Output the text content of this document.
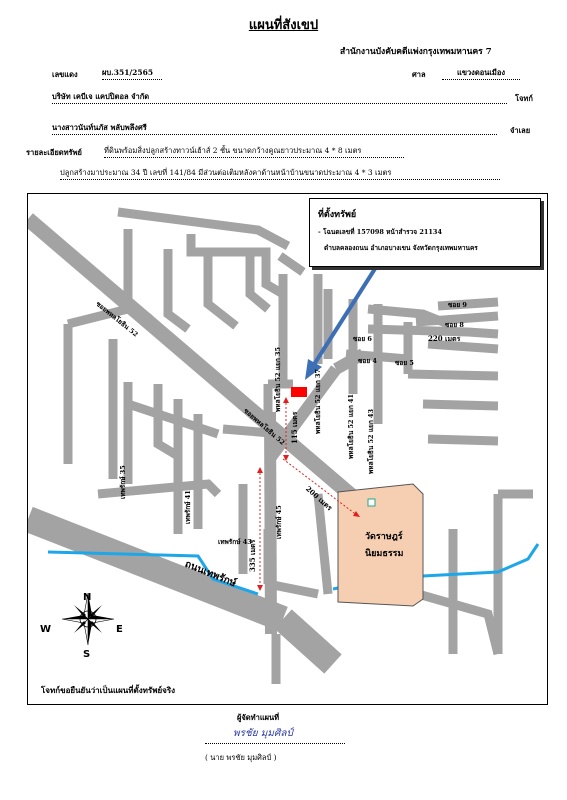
แผนที่สังเขป
สำนักงานบังคับคดีแพ่งกรุงเทพมหานคร 7
เลขแดง	ผบ.351/2565	ศาล	แขวงดอนเมือง
บริษัท เคบีเจ แคปปิตอล จำกัด	โจทก์
นางสาวนันท์นภัส พลับพลึงศรี	จำเลย
รายละเอียดทรัพย์	ที่ดินพร้อมสิ่งปลูกสร้างทาวน์เฮ้าส์ 2 ชั้น ขนาดกว้างคูณยาวประมาณ 4 * 8 เมตร
ปลูกสร้างมาประมาณ 34 ปี เลขที่ 141/84 มีส่วนต่อเติมหลังคาด้านหน้าบ้านขนาดประมาณ 4 * 3 เมตร
ที่ตั้งทรัพย์
- โฉนดเลขที่ 157098 หน้าสำรวจ 21134
ตำบลคลองถนน อำเภอบางเขน จังหวัดกรุงเทพมหานคร
ซอยพหลโยธิน 52
ซอยพหลโยธิน 52
พหลโยธิน 52 แยก 35	พหลโยธิน 52 แยก 37	พหลโยธิน 52 แยก 41 พหลโยธิน 52 แยก 43
ซอย 9
ซอย 8
ซอย 6
ซอย 4	ซอย 5
220 เมตร
115 เมตร
200 เมตร
335 เมตร
เทพรักษ์ 35
เทพรักษ์ 41
เทพรักษ์ 43
เทพรักษ์ 45
ถนนเทพรักษ์
วัดราษฎร์
นิยมธรรม
N
S
W	E
โจทก์ขอยืนยันว่าเป็นแผนที่ตั้งทรัพย์จริง
ผู้จัดทำแผนที่
พรชัย มุมศิลป์
( นาย พรชัย มุมศิลป์ )
